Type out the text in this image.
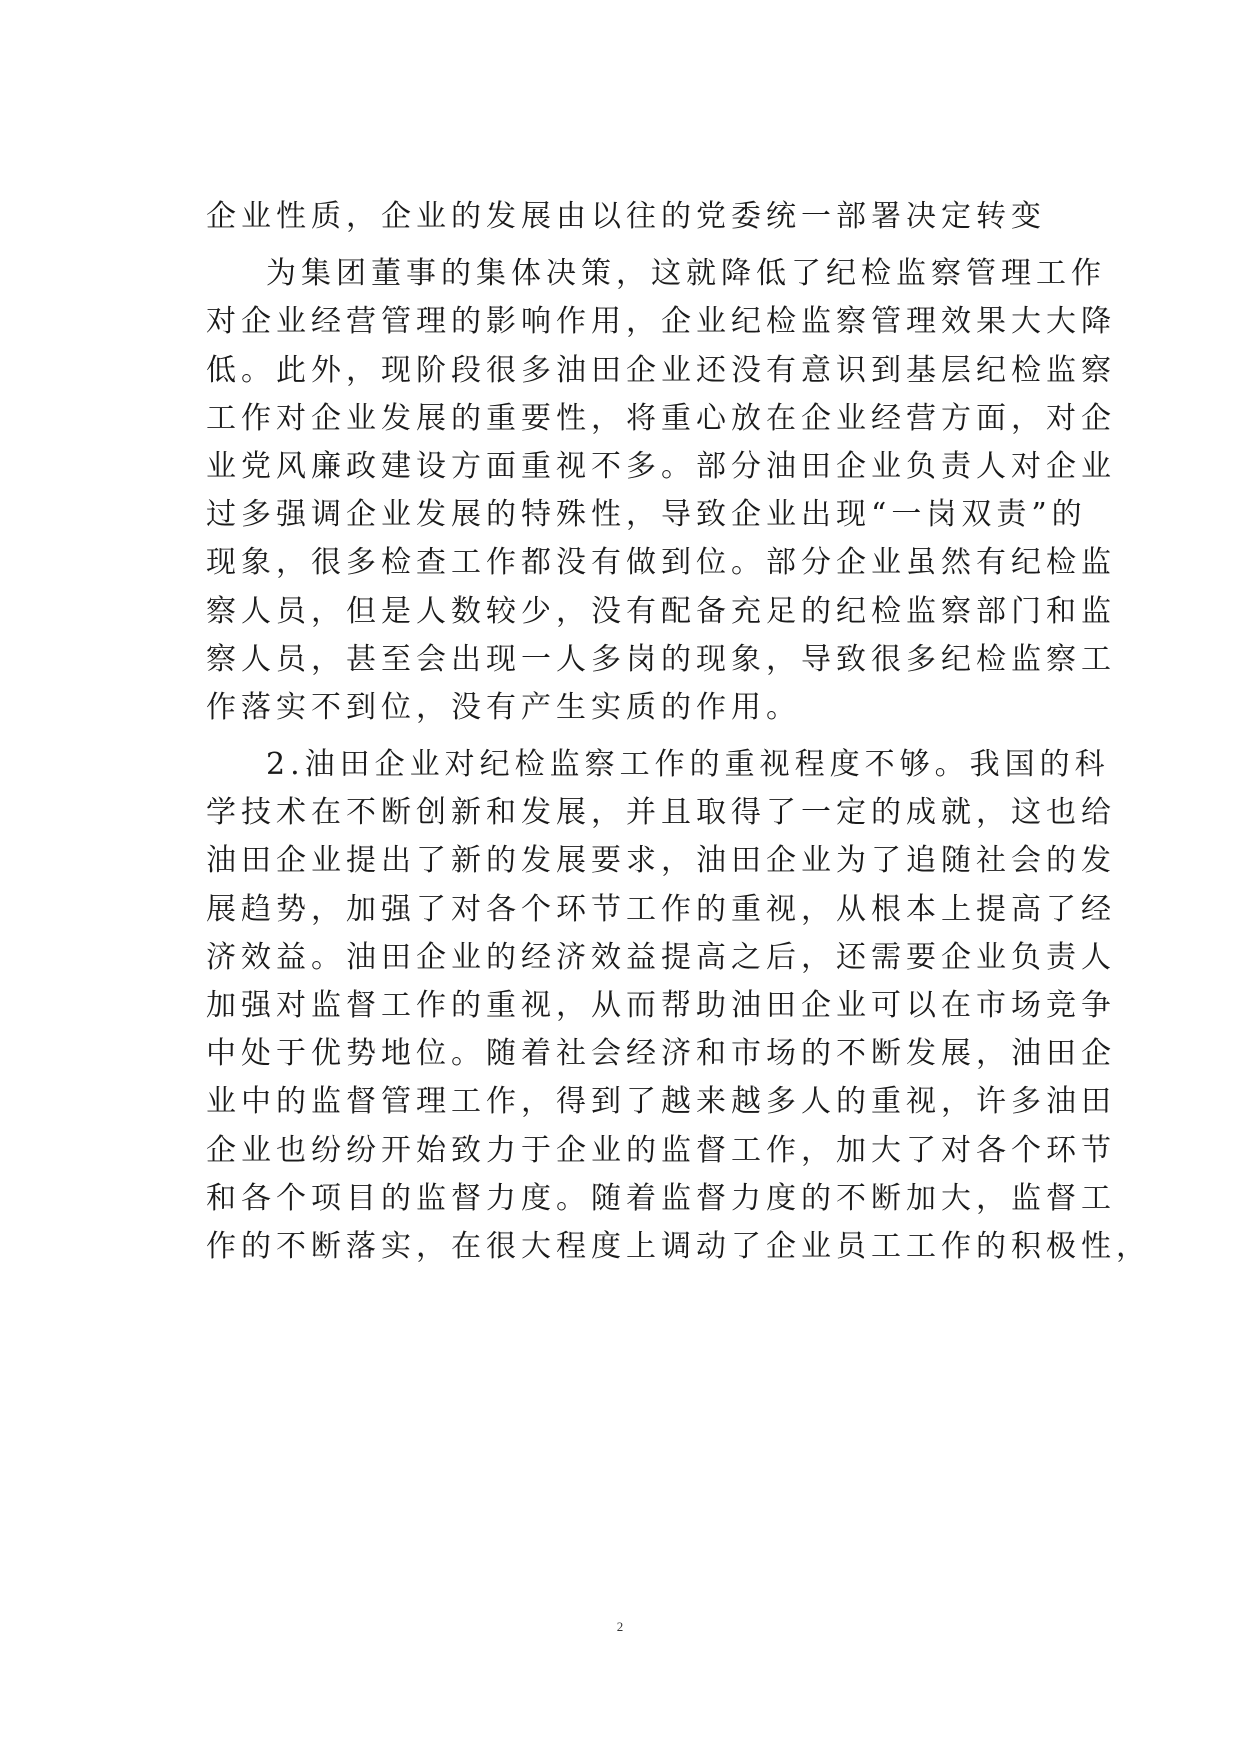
企业性质，企业的发展由以往的党委统一部署决定转变
为集团董事的集体决策，这就降低了纪检监察管理工作
对企业经营管理的影响作用，企业纪检监察管理效果大大降
低。此外，现阶段很多油田企业还没有意识到基层纪检监察
工作对企业发展的重要性，将重心放在企业经营方面，对企
业党风廉政建设方面重视不多。部分油田企业负责人对企业
过多强调企业发展的特殊性，导致企业出现“一岗双责”的
现象，很多检查工作都没有做到位。部分企业虽然有纪检监
察人员，但是人数较少，没有配备充足的纪检监察部门和监
察人员，甚至会出现一人多岗的现象，导致很多纪检监察工
作落实不到位，没有产生实质的作用。
2.油田企业对纪检监察工作的重视程度不够。我国的科
学技术在不断创新和发展，并且取得了一定的成就，这也给
油田企业提出了新的发展要求，油田企业为了追随社会的发
展趋势，加强了对各个环节工作的重视，从根本上提高了经
济效益。油田企业的经济效益提高之后，还需要企业负责人
加强对监督工作的重视，从而帮助油田企业可以在市场竞争
中处于优势地位。随着社会经济和市场的不断发展，油田企
业中的监督管理工作，得到了越来越多人的重视，许多油田
企业也纷纷开始致力于企业的监督工作，加大了对各个环节
和各个项目的监督力度。随着监督力度的不断加大，监督工
作的不断落实，在很大程度上调动了企业员工工作的积极性，
2
